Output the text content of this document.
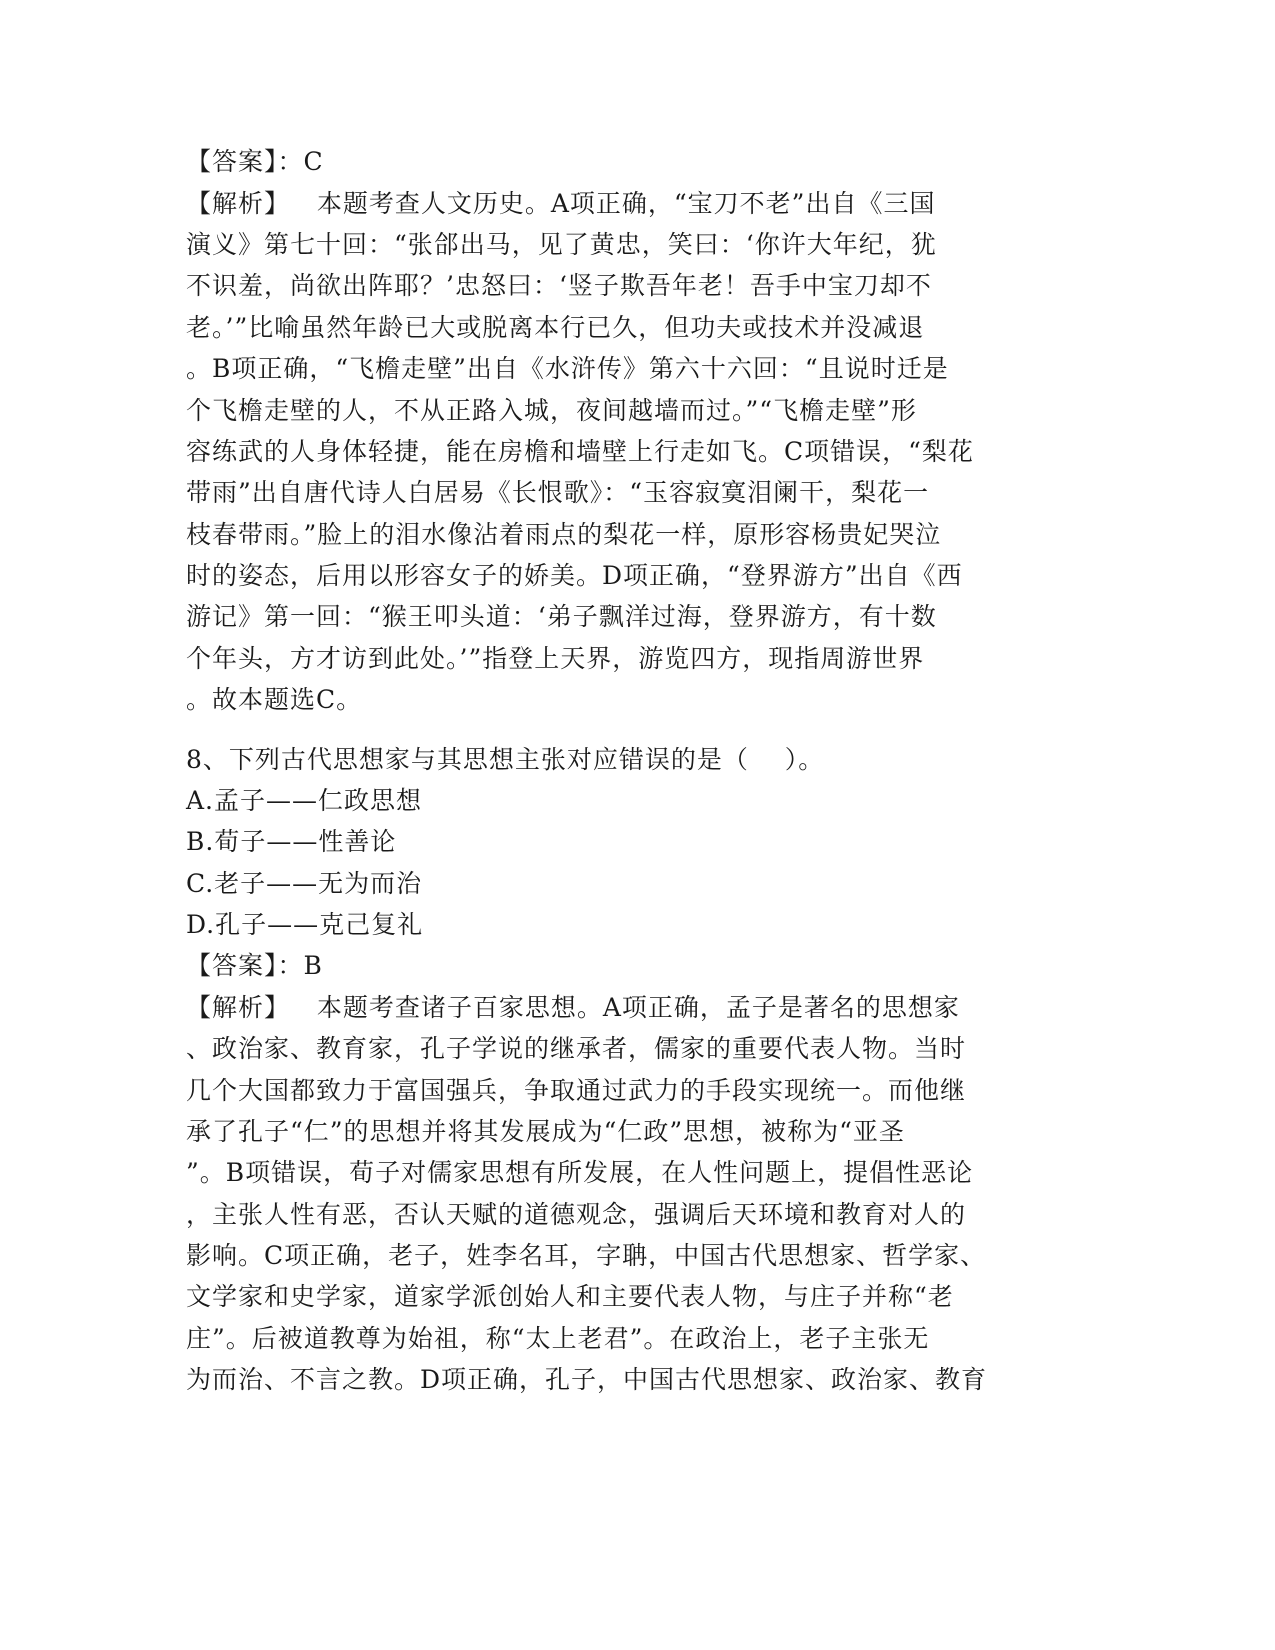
【答案】：C
【解析】   本题考查人文历史。A项正确，“宝刀不老”出自《三国
演义》第七十回：“张郃出马，见了黄忠，笑曰：‘你许大年纪，犹
不识羞，尚欲出阵耶？’忠怒曰：‘竖子欺吾年老！吾手中宝刀却不
老。’”比喻虽然年龄已大或脱离本行已久，但功夫或技术并没减退
。B项正确，“飞檐走壁”出自《水浒传》第六十六回：“且说时迁是
个飞檐走壁的人，不从正路入城，夜间越墙而过。”“飞檐走壁”形
容练武的人身体轻捷，能在房檐和墙壁上行走如飞。C项错误，“梨花
带雨”出自唐代诗人白居易《长恨歌》：“玉容寂寞泪阑干，梨花一
枝春带雨。”脸上的泪水像沾着雨点的梨花一样，原形容杨贵妃哭泣
时的姿态，后用以形容女子的娇美。D项正确，“登界游方”出自《西
游记》第一回：“猴王叩头道：‘弟子飘洋过海，登界游方，有十数
个年头，方才访到此处。’”指登上天界，游览四方，现指周游世界
。故本题选C。
8、下列古代思想家与其思想主张对应错误的是（    ）。
A.孟子——仁政思想
B.荀子——性善论
C.老子——无为而治
D.孔子——克己复礼
【答案】：B
【解析】   本题考查诸子百家思想。A项正确，孟子是著名的思想家
、政治家、教育家，孔子学说的继承者，儒家的重要代表人物。当时
几个大国都致力于富国强兵，争取通过武力的手段实现统一。而他继
承了孔子“仁”的思想并将其发展成为“仁政”思想，被称为“亚圣
”。B项错误，荀子对儒家思想有所发展，在人性问题上，提倡性恶论
，主张人性有恶，否认天赋的道德观念，强调后天环境和教育对人的
影响。C项正确，老子，姓李名耳，字聃，中国古代思想家、哲学家、
文学家和史学家，道家学派创始人和主要代表人物，与庄子并称“老
庄”。后被道教尊为始祖，称“太上老君”。在政治上，老子主张无
为而治、不言之教。D项正确，孔子，中国古代思想家、政治家、教育
